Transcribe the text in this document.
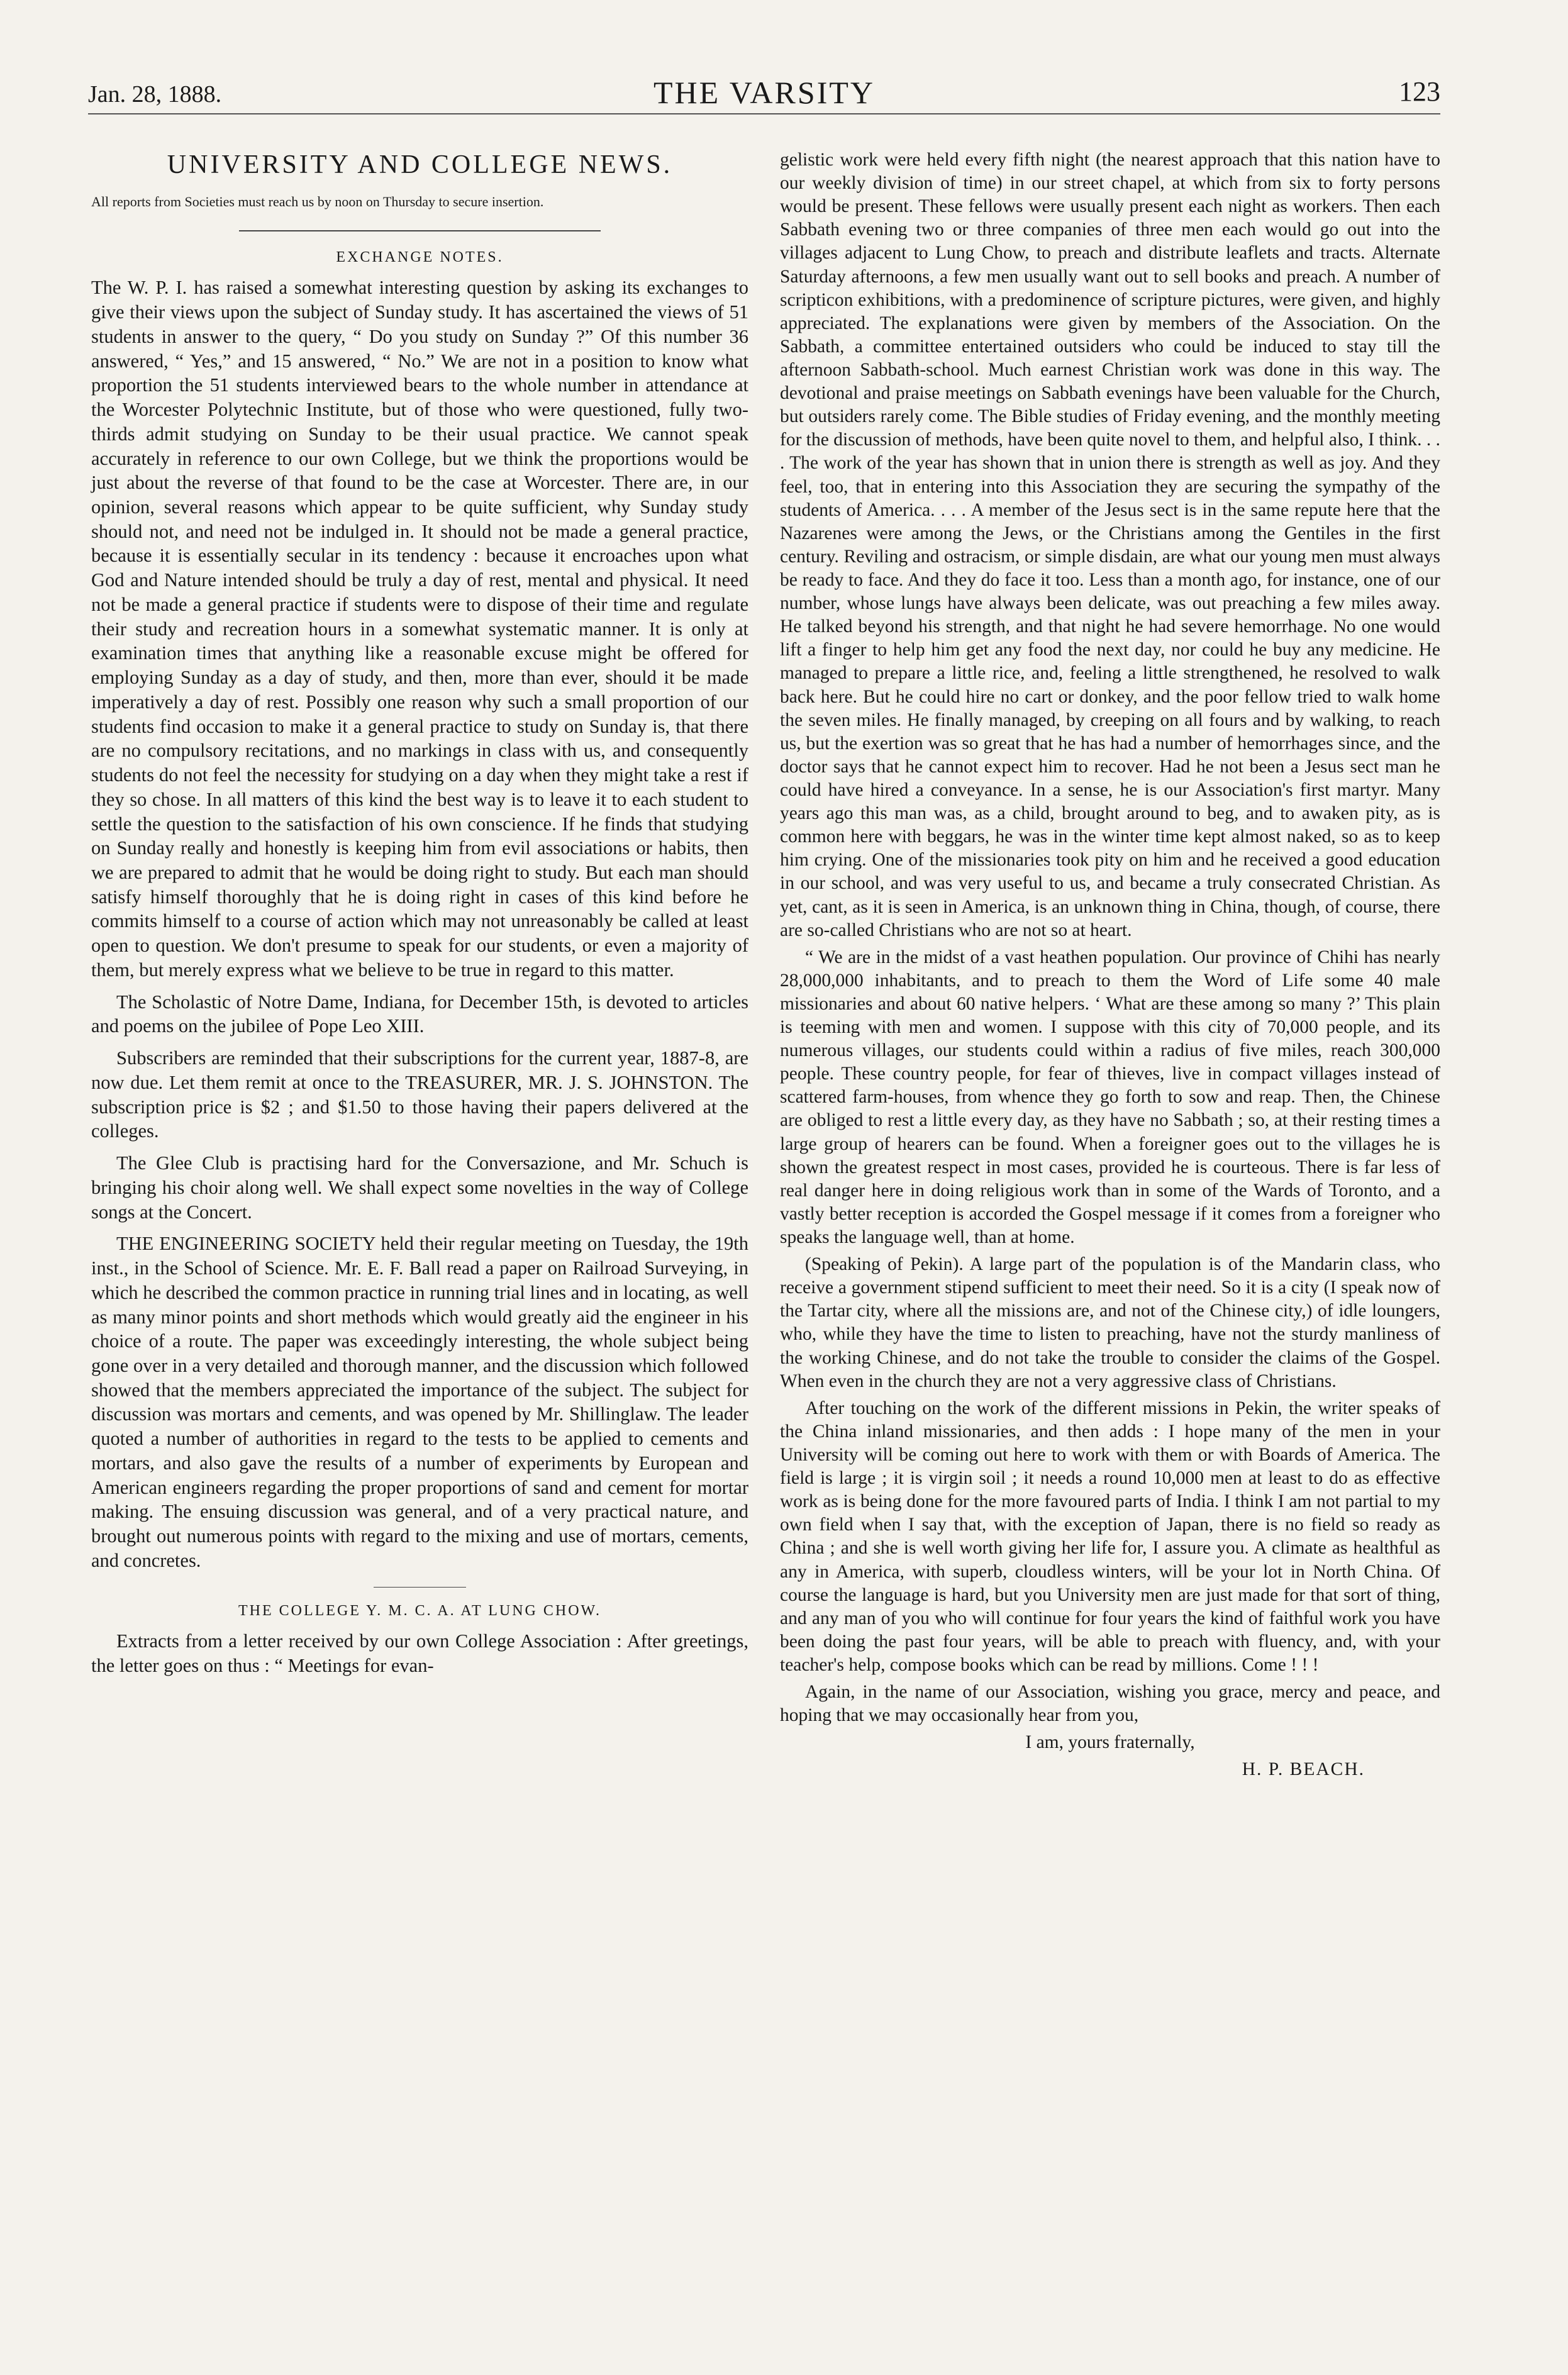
Jan. 28, 1888.	THE VARSITY	123
UNIVERSITY AND COLLEGE NEWS.
All reports from Societies must reach us by noon on Thursday to secure insertion.
EXCHANGE NOTES.

The W. P. I. has raised a somewhat interesting question by asking its exchanges to give their views upon the subject of Sunday study. It has ascertained the views of 51 students in answer to the query, “ Do you study on Sunday ?” Of this number 36 answered, “ Yes,” and 15 answered, “ No.” We are not in a position to know what proportion the 51 students interviewed bears to the whole number in attendance at the Worcester Polytechnic Institute, but of those who were questioned, fully two-thirds admit studying on Sunday to be their usual practice. We cannot speak accurately in reference to our own College, but we think the proportions would be just about the reverse of that found to be the case at Worcester. There are, in our opinion, several reasons which appear to be quite sufficient, why Sunday study should not, and need not be indulged in. It should not be made a general practice, because it is essentially secular in its tendency : because it encroaches upon what God and Nature intended should be truly a day of rest, mental and physical. It need not be made a general practice if students were to dispose of their time and regulate their study and recreation hours in a somewhat systematic manner. It is only at examination times that anything like a reasonable excuse might be offered for employing Sunday as a day of study, and then, more than ever, should it be made imperatively a day of rest. Possibly one reason why such a small proportion of our students find occasion to make it a general practice to study on Sunday is, that there are no compulsory recitations, and no markings in class with us, and consequently students do not feel the necessity for studying on a day when they might take a rest if they so chose. In all matters of this kind the best way is to leave it to each student to settle the question to the satisfaction of his own conscience. If he finds that studying on Sunday really and honestly is keeping him from evil associations or habits, then we are prepared to admit that he would be doing right to study. But each man should satisfy himself thoroughly that he is doing right in cases of this kind before he commits himself to a course of action which may not unreasonably be called at least open to question. We don't presume to speak for our students, or even a majority of them, but merely express what we believe to be true in regard to this matter.

The Scholastic of Notre Dame, Indiana, for December 15th, is devoted to articles and poems on the jubilee of Pope Leo XIII.

Subscribers are reminded that their subscriptions for the current year, 1887-8, are now due. Let them remit at once to the TREASURER, MR. J. S. JOHNSTON. The subscription price is $2 ; and $1.50 to those having their papers delivered at the colleges.

The Glee Club is practising hard for the Conversazione, and Mr. Schuch is bringing his choir along well. We shall expect some novelties in the way of College songs at the Concert.

THE ENGINEERING SOCIETY held their regular meeting on Tuesday, the 19th inst., in the School of Science. Mr. E. F. Ball read a paper on Railroad Surveying, in which he described the common practice in running trial lines and in locating, as well as many minor points and short methods which would greatly aid the engineer in his choice of a route. The paper was exceedingly interesting, the whole subject being gone over in a very detailed and thorough manner, and the discussion which followed showed that the members appreciated the importance of the subject. The subject for discussion was mortars and cements, and was opened by Mr. Shillinglaw. The leader quoted a number of authorities in regard to the tests to be applied to cements and mortars, and also gave the results of a number of experiments by European and American engineers regarding the proper proportions of sand and cement for mortar making. The ensuing discussion was general, and of a very practical nature, and brought out numerous points with regard to the mixing and use of mortars, cements, and concretes.

THE COLLEGE Y. M. C. A. AT LUNG CHOW.

Extracts from a letter received by our own College Association : After greetings, the letter goes on thus : “ Meetings for evan-

gelistic work were held every fifth night (the nearest approach that this nation have to our weekly division of time) in our street chapel, at which from six to forty persons would be present. These fellows were usually present each night as workers. Then each Sabbath evening two or three companies of three men each would go out into the villages adjacent to Lung Chow, to preach and distribute leaflets and tracts. Alternate Saturday afternoons, a few men usually want out to sell books and preach. A number of scripticon exhibitions, with a predominence of scripture pictures, were given, and highly appreciated. The explanations were given by members of the Association. On the Sabbath, a committee entertained outsiders who could be induced to stay till the afternoon Sabbath-school. Much earnest Christian work was done in this way. The devotional and praise meetings on Sabbath evenings have been valuable for the Church, but outsiders rarely come. The Bible studies of Friday evening, and the monthly meeting for the discussion of methods, have been quite novel to them, and helpful also, I think. . . . The work of the year has shown that in union there is strength as well as joy. And they feel, too, that in entering into this Association they are securing the sympathy of the students of America. . . . A member of the Jesus sect is in the same repute here that the Nazarenes were among the Jews, or the Christians among the Gentiles in the first century. Reviling and ostracism, or simple disdain, are what our young men must always be ready to face. And they do face it too. Less than a month ago, for instance, one of our number, whose lungs have always been delicate, was out preaching a few miles away. He talked beyond his strength, and that night he had severe hemorrhage. No one would lift a finger to help him get any food the next day, nor could he buy any medicine. He managed to prepare a little rice, and, feeling a little strengthened, he resolved to walk back here. But he could hire no cart or donkey, and the poor fellow tried to walk home the seven miles. He finally managed, by creeping on all fours and by walking, to reach us, but the exertion was so great that he has had a number of hemorrhages since, and the doctor says that he cannot expect him to recover. Had he not been a Jesus sect man he could have hired a conveyance. In a sense, he is our Association's first martyr. Many years ago this man was, as a child, brought around to beg, and to awaken pity, as is common here with beggars, he was in the winter time kept almost naked, so as to keep him crying. One of the missionaries took pity on him and he received a good education in our school, and was very useful to us, and became a truly consecrated Christian. As yet, cant, as it is seen in America, is an unknown thing in China, though, of course, there are so-called Christians who are not so at heart.

“ We are in the midst of a vast heathen population. Our province of Chihi has nearly 28,000,000 inhabitants, and to preach to them the Word of Life some 40 male missionaries and about 60 native helpers. ‘ What are these among so many ?’ This plain is teeming with men and women. I suppose with this city of 70,000 people, and its numerous villages, our students could within a radius of five miles, reach 300,000 people. These country people, for fear of thieves, live in compact villages instead of scattered farm-houses, from whence they go forth to sow and reap. Then, the Chinese are obliged to rest a little every day, as they have no Sabbath ; so, at their resting times a large group of hearers can be found. When a foreigner goes out to the villages he is shown the greatest respect in most cases, provided he is courteous. There is far less of real danger here in doing religious work than in some of the Wards of Toronto, and a vastly better reception is accorded the Gospel message if it comes from a foreigner who speaks the language well, than at home.

(Speaking of Pekin). A large part of the population is of the Mandarin class, who receive a government stipend sufficient to meet their need. So it is a city (I speak now of the Tartar city, where all the missions are, and not of the Chinese city,) of idle loungers, who, while they have the time to listen to preaching, have not the sturdy manliness of the working Chinese, and do not take the trouble to consider the claims of the Gospel. When even in the church they are not a very aggressive class of Christians.

After touching on the work of the different missions in Pekin, the writer speaks of the China inland missionaries, and then adds : I hope many of the men in your University will be coming out here to work with them or with Boards of America. The field is large ; it is virgin soil ; it needs a round 10,000 men at least to do as effective work as is being done for the more favoured parts of India. I think I am not partial to my own field when I say that, with the exception of Japan, there is no field so ready as China ; and she is well worth giving her life for, I assure you. A climate as healthful as any in America, with superb, cloudless winters, will be your lot in North China. Of course the language is hard, but you University men are just made for that sort of thing, and any man of you who will continue for four years the kind of faithful work you have been doing the past four years, will be able to preach with fluency, and, with your teacher's help, compose books which can be read by millions. Come ! ! !

Again, in the name of our Association, wishing you grace, mercy and peace, and hoping that we may occasionally hear from you,

I am, yours fraternally,

H. P. BEACH.
